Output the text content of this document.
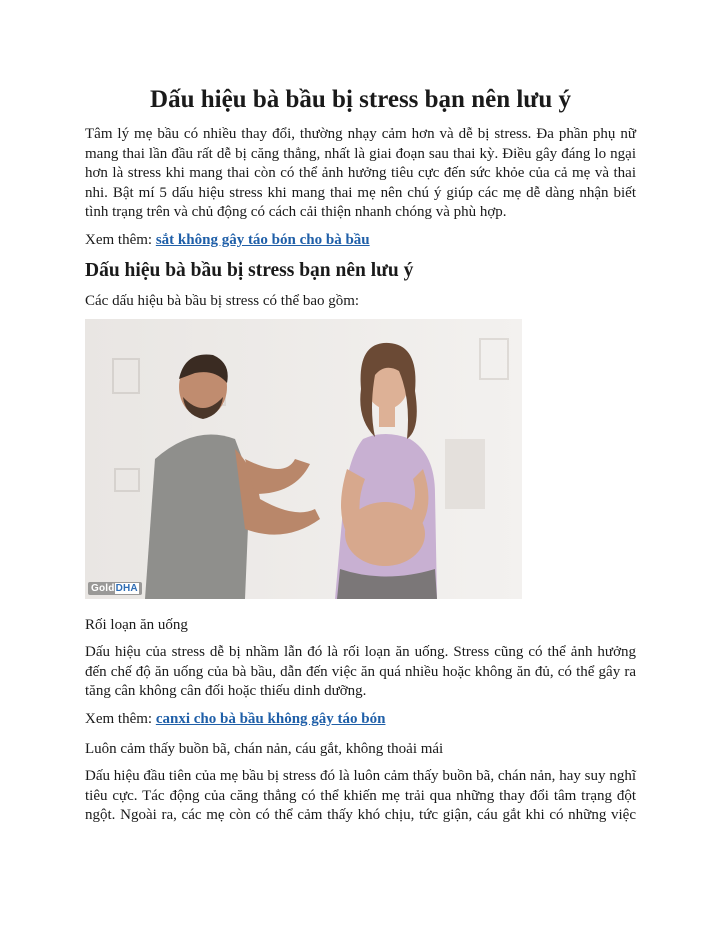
Dấu hiệu bà bầu bị stress bạn nên lưu ý

Tâm lý mẹ bầu có nhiều thay đổi, thường nhạy cảm hơn và dễ bị stress. Đa phần phụ nữ
mang thai lần đầu rất dễ bị căng thẳng, nhất là giai đoạn sau thai kỳ. Điều gây đáng lo ngại
hơn là stress khi mang thai còn có thể ảnh hưởng tiêu cực đến sức khỏe của cả mẹ và thai
nhi. Bật mí 5 dấu hiệu stress khi mang thai mẹ nên chú ý giúp các mẹ dễ dàng nhận biết
tình trạng trên và chủ động có cách cải thiện nhanh chóng và phù hợp.

Xem thêm: sắt không gây táo bón cho bà bầu
Dấu hiệu bà bầu bị stress bạn nên lưu ý
Các dấu hiệu bà bầu bị stress có thể bao gồm:
GoldDHA
Rối loạn ăn uống

Dấu hiệu của stress dễ bị nhầm lẫn đó là rối loạn ăn uống. Stress cũng có thể ảnh hưởng
đến chế độ ăn uống của bà bầu, dẫn đến việc ăn quá nhiều hoặc không ăn đủ, có thể gây ra
tăng cân không cân đối hoặc thiếu dinh dưỡng.

Xem thêm: canxi cho bà bầu không gây táo bón
Luôn cảm thấy buồn bã, chán nản, cáu gắt, không thoải mái

Dấu hiệu đầu tiên của mẹ bầu bị stress đó là luôn cảm thấy buồn bã, chán nản, hay suy nghĩ
tiêu cực. Tác động của căng thẳng có thể khiến mẹ trải qua những thay đổi tâm trạng đột
ngột. Ngoài ra, các mẹ còn có thể cảm thấy khó chịu, tức giận, cáu gắt khi có những việc
